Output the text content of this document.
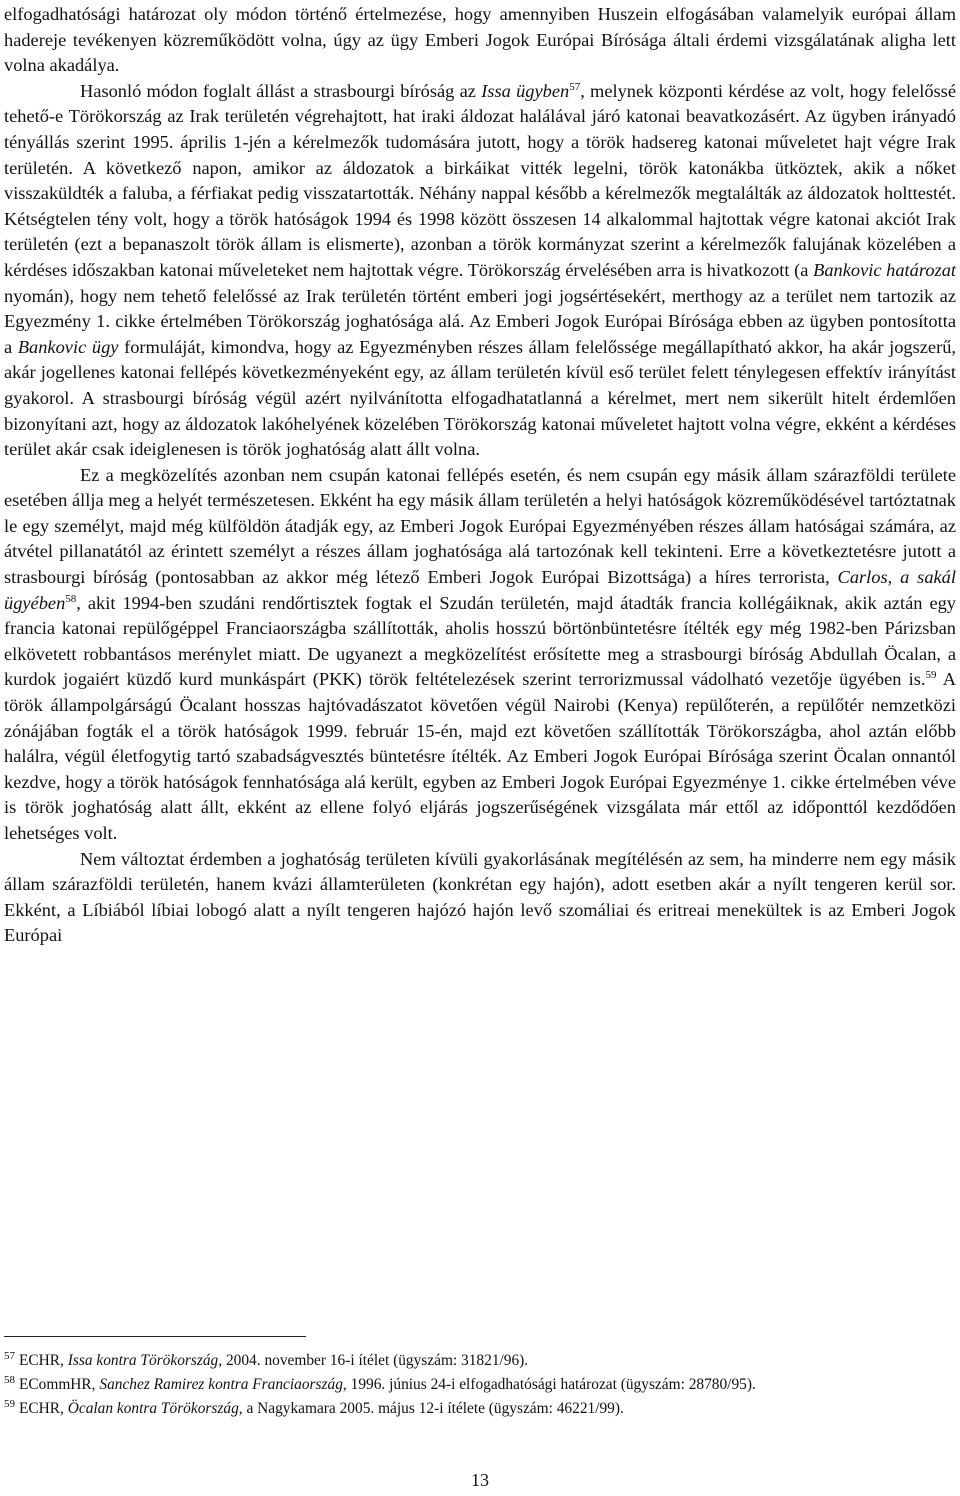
elfogadhatósági határozat oly módon történő értelmezése, hogy amennyiben Huszein elfogásában valamelyik európai állam hadereje tevékenyen közreműködött volna, úgy az ügy Emberi Jogok Európai Bírósága általi érdemi vizsgálatának aligha lett volna akadálya.

Hasonló módon foglalt állást a strasbourgi bíróság az Issa ügyben$^{57}$, melynek központi kérdése az volt, hogy felelőssé tehető-e Törökország az Irak területén végrehajtott, hat iraki áldozat halálával járó katonai beavatkozásért. Az ügyben irányadó tényállás szerint 1995. április 1-jén a kérelmezők tudomására jutott, hogy a török hadsereg katonai műveletet hajt végre Irak területén. A következő napon, amikor az áldozatok a birkáikat vitték legelni, török katonákba ütköztek, akik a nőket visszaküldték a faluba, a férfiakat pedig visszatartották. Néhány nappal később a kérelmezők megtalálták az áldozatok holttestét. Kétségtelen tény volt, hogy a török hatóságok 1994 és 1998 között összesen 14 alkalommal hajtottak végre katonai akciót Irak területén (ezt a bepanaszolt török állam is elismerte), azonban a török kormányzat szerint a kérelmezők falujának közelében a kérdéses időszakban katonai műveleteket nem hajtottak végre. Törökország érvelésében arra is hivatkozott (a Bankovic határozat nyomán), hogy nem tehető felelőssé az Irak területén történt emberi jogi jogsértésekért, merthogy az a terület nem tartozik az Egyezmény 1. cikke értelmében Törökország joghatósága alá. Az Emberi Jogok Európai Bírósága ebben az ügyben pontosította a Bankovic ügy formuláját, kimondva, hogy az Egyezményben részes állam felelőssége megállapítható akkor, ha akár jogszerű, akár jogellenes katonai fellépés következményeként egy, az állam területén kívül eső terület felett ténylegesen effektív irányítást gyakorol. A strasbourgi bíróság végül azért nyilvánította elfogadhatatlanná a kérelmet, mert nem sikerült hitelt érdemlően bizonyítani azt, hogy az áldozatok lakóhelyének közelében Törökország katonai műveletet hajtott volna végre, ekként a kérdéses terület akár csak ideiglenesen is török joghatóság alatt állt volna.

Ez a megközelítés azonban nem csupán katonai fellépés esetén, és nem csupán egy másik állam szárazföldi területe esetében állja meg a helyét természetesen. Ekként ha egy másik állam területén a helyi hatóságok közreműködésével tartóztatnak le egy személyt, majd még külföldön átadják egy, az Emberi Jogok Európai Egyezményében részes állam hatóságai számára, az átvétel pillanatától az érintett személyt a részes állam joghatósága alá tartozónak kell tekinteni. Erre a következtetésre jutott a strasbourgi bíróság (pontosabban az akkor még létező Emberi Jogok Európai Bizottsága) a híres terrorista, Carlos, a sakál ügyében$^{58}$, akit 1994-ben szudáni rendőrtisztek fogtak el Szudán területén, majd átadták francia kollégáiknak, akik aztán egy francia katonai repülőgéppel Franciaországba szállították, aholis hosszú börtönbüntetésre ítélték egy még 1982-ben Párizsban elkövetett robbantásos merénylet miatt. De ugyanezt a megközelítést erősítette meg a strasbourgi bíróság Abdullah Öcalan, a kurdok jogaiért küzdő kurd munkáspárt (PKK) török feltételezések szerint terrorizmussal vádolható vezetője ügyében is.$^{59}$ A török állampolgárságú Öcalant hosszas hajtóvadászatot követően végül Nairobi (Kenya) repülőterén, a repülőtér nemzetközi zónájában fogták el a török hatóságok 1999. február 15-én, majd ezt követően szállították Törökországba, ahol aztán előbb halálra, végül életfogytig tartó szabadságvesztés büntetésre ítélték. Az Emberi Jogok Európai Bírósága szerint Öcalan onnantól kezdve, hogy a török hatóságok fennhatósága alá került, egyben az Emberi Jogok Európai Egyezménye 1. cikke értelmében véve is török joghatóság alatt állt, ekként az ellene folyó eljárás jogszerűségének vizsgálata már ettől az időponttól kezdődően lehetséges volt.

Nem változtat érdemben a joghatóság területen kívüli gyakorlásának megítélésén az sem, ha minderre nem egy másik állam szárazföldi területén, hanem kvázi államterületen (konkrétan egy hajón), adott esetben akár a nyílt tengeren kerül sor. Ekként, a Líbiából líbiai lobogó alatt a nyílt tengeren hajózó hajón levő szomáliai és eritreai menekültek is az Emberi Jogok Európai

$^{57}$ ECHR, Issa kontra Törökország, 2004. november 16-i ítélet (ügyszám: 31821/96).
$^{58}$ ECommHR, Sanchez Ramirez kontra Franciaország, 1996. június 24-i elfogadhatósági határozat (ügyszám: 28780/95).
$^{59}$ ECHR, Öcalan kontra Törökország, a Nagykamara 2005. május 12-i ítélete (ügyszám: 46221/99).
13
